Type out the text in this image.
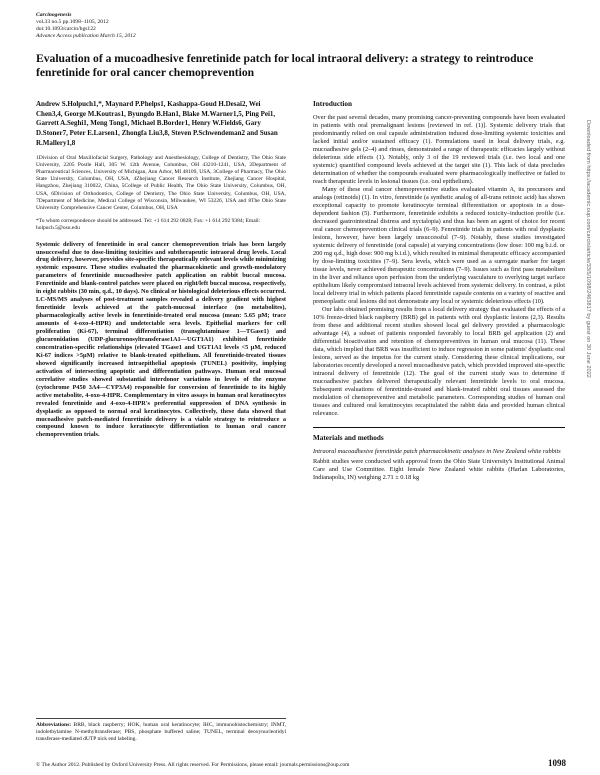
Carcinogenesis
vol.33 no.5 pp.1098–1105, 2012
doi:10.1093/carcin/bgs122
Advance Access publication March 15, 2012
Evaluation of a mucoadhesive fenretinide patch for local intraoral delivery: a strategy to reintroduce fenretinide for oral cancer chemoprevention

Andrew S.Holpuch1,*, Maynard P.Phelps1, Kashappa-Goud H.Desai2, Wei Chen3,4, George M.Koutras1, Byungdo B.Han1, Blake M.Warner1,5, Ping Pei1, Garrett A.Seghi1, Meng Tong1, Michael B.Border1, Henry W.Fields6, Gary D.Stoner7, Peter E.Larsen1, Zhongfa Liu3,8, Steven P.Schwendeman2 and Susan R.Mallery1,8

1Division of Oral Maxillofacial Surgery, Pathology and Anesthesiology, College of Dentistry, The Ohio State University, 2205 Postle Hall, 305 W. 12th Avenue, Columbus, OH 43210-1241, USA, 2Department of Pharmaceutical Sciences, University of Michigan, Ann Arbor, MI 48109, USA, 3College of Pharmacy, The Ohio State University, Columbus, OH, USA, 4Zhejiang Cancer Research Institute, Zhejiang Cancer Hospital, Hangzhou, Zhejiang 310022, China, 5College of Public Health, The Ohio State University, Columbus, OH, USA, 6Division of Orthodontics, College of Dentistry, The Ohio State University, Columbus, OH, USA, 7Department of Medicine, Medical College of Wisconsin, Milwaukee, WI 53226, USA and 8The Ohio State University Comprehensive Cancer Center, Columbus, OH, USA

*To whom correspondence should be addressed. Tel: +1 614 292 0828; Fax: +1 614 292 9384; Email: holpuch.5@osu.edu

Systemic delivery of fenretinide in oral cancer chemoprevention trials has been largely unsuccessful due to dose-limiting toxicities and subtherapeutic intraoral drug levels. Local drug delivery, however, provides site-specific therapeutically relevant levels while minimizing systemic exposure. These studies evaluated the pharmacokinetic and growth-modulatory parameters of fenretinide mucoadhesive patch application on rabbit buccal mucosa. Fenretinide and blank-control patches were placed on right/left buccal mucosa, respectively, in eight rabbits (30 min, q.d., 10 days). No clinical or histological deleterious effects occurred. LC-MS/MS analyses of post-treatment samples revealed a delivery gradient with highest fenretinide levels achieved at the patch-mucosal interface (no metabolites), pharmacologically active levels in fenretinide-treated oral mucosa (mean: 5.65 μM; trace amounts of 4-oxo-4-HPR) and undetectable sera levels. Epithelial markers for cell proliferation (Ki-67), terminal differentiation (transglutaminase 1—TGase1) and glucuronidation (UDP-glucuronosyltransferase1A1—UGT1A1) exhibited fenretinide concentration-specific relationships (elevated TGase1 and UGT1A1 levels <5 μM, reduced Ki-67 indices >5μM) relative to blank-treated epithelium. All fenretinide-treated tissues showed significantly increased intraepithelial apoptosis (TUNEL) positivity, implying activation of intersecting apoptotic and differentiation pathways. Human oral mucosal correlative studies showed substantial interdonor variations in levels of the enzyme (cytochrome P450 3A4—CYP3A4) responsible for conversion of fenretinide to its highly active metabolite, 4-oxo-4-HPR. Complementary in vitro assays in human oral keratinocytes revealed fenretinide and 4-oxo-4-HPR's preferential suppression of DNA synthesis in dysplastic as opposed to normal oral keratinocytes. Collectively, these data showed that mucoadhesive patch-mediated fenretinide delivery is a viable strategy to reintroduce a compound known to induce keratinocyte differentiation to human oral cancer chemoprevention trials.

Abbreviations: BRB, black raspberry; HOK, human oral keratinocyte; IHC, immunohistochemistry; INMT, indolethylamine N-methyltransferase; PBS, phosphate buffered saline; TUNEL, terminal deoxynucleotidyl transferase-mediated dUTP nick end labeling.
Introduction

Over the past several decades, many promising cancer-preventing compounds have been evaluated in patients with oral premalignant lesions [reviewed in ref. (1)]. Systemic delivery trials that predominantly relied on oral capsule administration induced dose-limiting systemic toxicities and lacked initial and/or sustained efficacy (1). Formulations used in local delivery trials, e.g. mucoadhesive gels (2–4) and rinses, demonstrated a range of therapeutic efficacies largely without deleterious side effects (1). Notably, only 3 of the 19 reviewed trials (i.e. two local and one systemic) quantified compound levels achieved at the target site (1). This lack of data precludes determination of whether the compounds evaluated were pharmacologically ineffective or failed to reach therapeutic levels in lesional tissues (i.e. oral epithelium).

Many of these oral cancer chemopreventive studies evaluated vitamin A, its precursors and analogs (retinoids) (1). In vitro, fenretinide (a synthetic analog of all-trans retinoic acid) has shown exceptional capacity to promote keratinocyte terminal differentiation or apoptosis in a dose-dependent fashion (5). Furthermore, fenretinide exhibits a reduced toxicity–induction profile (i.e. decreased gastrointestinal distress and nyctalopia) and thus has been an agent of choice for recent oral cancer chemoprevention clinical trials (6–9). Fenretinide trials in patients with oral dysplastic lesions, however, have been largely unsuccessful (7–9). Notably, these studies investigated systemic delivery of fenretinide (oral capsule) at varying concentrations (low dose: 100 mg b.i.d. or 200 mg q.d., high dose: 900 mg b.i.d.), which resulted in minimal therapeutic efficacy accompanied by dose-limiting toxicities (7–9). Sera levels, which were used as a surrogate marker for target tissue levels, never achieved therapeutic concentrations (7–9). Issues such as first pass metabolism in the liver and reliance upon perfusion from the underlying vasculature to overlying target surface epithelium likely compromised intraoral levels achieved from systemic delivery. In contrast, a pilot local delivery trial in which patients placed fenretinide capsule contents on a variety of reactive and preneoplastic oral lesions did not demonstrate any local or systemic deleterious effects (10).

Our labs obtained promising results from a local delivery strategy that evaluated the effects of a 10% freeze-dried black raspberry (BRB) gel in patients with oral dysplastic lesions (2,3). Results from these and additional recent studies showed local gel delivery provided a pharmacologic advantage (4), a subset of patients responded favorably to local BRB gel application (2) and differential bioactivation and retention of chemopreventives in human oral mucosa (11). These data, which implied that BRB was insufficient to induce regression in some patients' dysplastic oral lesions, served as the impetus for the current study. Considering these clinical implications, our laboratories recently developed a novel mucoadhesive patch, which provided improved site-specific intraoral delivery of fenretinide (12). The goal of the current study was to determine if mucoadhesive patches delivered therapeutically relevant fenretinide levels to oral mucosa. Subsequent evaluations of fenretinide-treated and blank-treated rabbit oral tissues assessed the modulation of chemopreventive and metabolic parameters. Corresponding studies of human oral tissues and cultured oral keratinocytes recapitulated the rabbit data and provided human clinical relevance.

Materials and methods

Intraoral mucoadhesive fenretinide patch pharmacokinetic analyses in New Zealand white rabbits

Rabbit studies were conducted with approval from the Ohio State University's Institutional Animal Care and Use Committee. Eight female New Zealand white rabbits (Harlan Laboratories, Indianapolis, IN) weighing 2.71 ± 0.18 kg

© The Author 2012. Published by Oxford University Press. All rights reserved. For Permissions, please email: journals.permissions@oup.com	1098
Downloaded from https://academic.oup.com/carcin/article/33/5/1098/2463817 by guest on 30 June 2022
